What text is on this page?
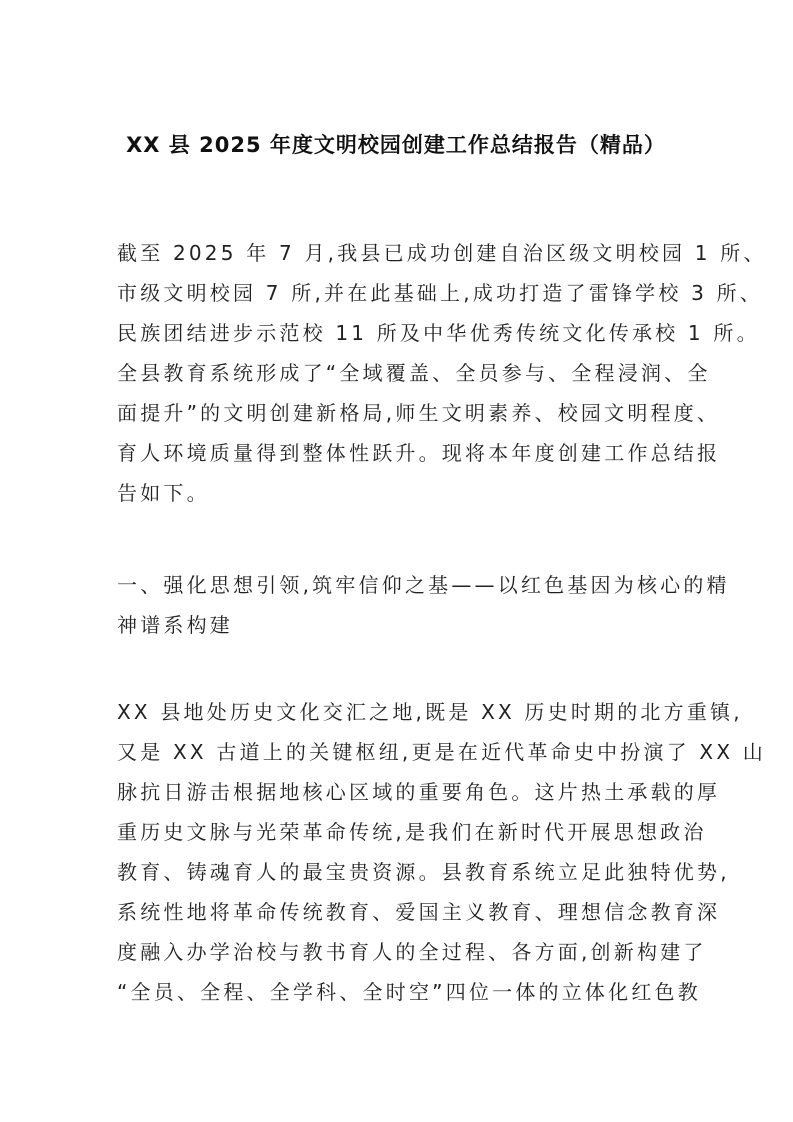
XX 县 2025 年度文明校园创建工作总结报告（精品）
截至 2025 年 7 月,我县已成功创建自治区级文明校园 1 所、
市级文明校园 7 所,并在此基础上,成功打造了雷锋学校 3 所、
民族团结进步示范校 11 所及中华优秀传统文化传承校 1 所。
全县教育系统形成了“全域覆盖、全员参与、全程浸润、全
面提升”的文明创建新格局,师生文明素养、校园文明程度、
育人环境质量得到整体性跃升。现将本年度创建工作总结报
告如下。
一、强化思想引领,筑牢信仰之基——以红色基因为核心的精
神谱系构建
XX 县地处历史文化交汇之地,既是 XX 历史时期的北方重镇,
又是 XX 古道上的关键枢纽,更是在近代革命史中扮演了 XX 山
脉抗日游击根据地核心区域的重要角色。这片热土承载的厚
重历史文脉与光荣革命传统,是我们在新时代开展思想政治
教育、铸魂育人的最宝贵资源。县教育系统立足此独特优势,
系统性地将革命传统教育、爱国主义教育、理想信念教育深
度融入办学治校与教书育人的全过程、各方面,创新构建了
“全员、全程、全学科、全时空”四位一体的立体化红色教
